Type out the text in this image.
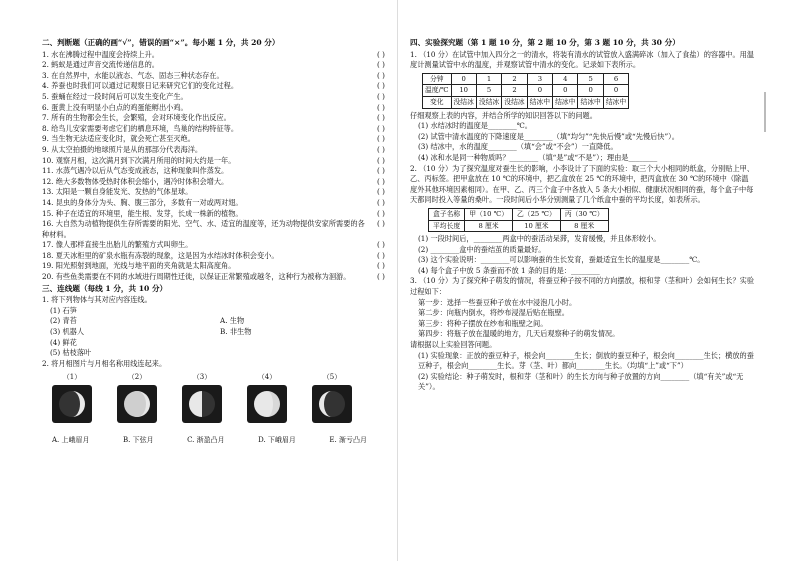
二、判断题（正确的画“√”，错误的画“×”。每小题 1 分，共 20 分）
1. 水在沸腾过程中温度会持续上升。	( )
2. 蚂蚁是通过声音交流传递信息的。	( )
3. 在自然界中，水能以液态、气态、固态三种状态存在。	( )
4. 养蚕也时我们可以通过记观察日记来研究它们的变化过程。	( )
5. 蚕蛹在经过一段时间后可以发生变化产生。	( )
6. 蛋黄上没有明显小白点的鸡蛋能孵出小鸡。	( )
7. 所有的生物都会生长，会繁殖，会对环境变化作出反应。	( )
8. 给鸟儿安家需要考虑它们的栖息环境，鸟巢的结构特征等。	( )
9. 当生物无法适应变化时，就会死亡甚至灭绝。	( )
9. 从太空拍摄的地球照片是从的那部分代表海洋。	( )
10. 观察月相，这次满月到下次满月所用的时间大约是一年。	( )
11. 水蒸气遇冷以后从气态变成液态，这种现象叫作蒸发。	( )
12. 绝大多数物体受热时体积会缩小，遇冷时体积会增大。	( )
13. 太阳是一颗自身能发光、发热的气体星球。	( )
14. 昆虫的身体分为头、胸、腹三部分，多数有一对或两对翅。	( )
15. 种子在适宜的环境里，能生根、发芽，长成一株新的植物。	( )
16. 大自然为动植物提供生存所需要的阳光、空气、水、适宜的温度等，还为动物提供安家所需要的各种材料。
( )
17. 像人那样直接生出胎儿的繁殖方式叫卵生。	( )
18. 夏天冰柜里的矿泉水瓶有冻裂的现象，这是因为水结冰时体积会变小。	( )
19. 阳光照射到地面，光线与地平面的夹角就是太阳高度角。	( )
20. 有些鱼类需要在不同的水域进行周期性迁徙，以保证正常繁殖或越冬，这种行为被称为洄游。	( )
三、连线题（每线 1 分，共 10 分）
1. 将下列物体与其对应内容连线。
(1) 石笋
(2) 青苔	A. 生物
(3) 机器人	B. 非生物
(4) 鲜花
(5) 枯枝落叶
2. 将月相图片与月相名称用线连起来。
（1）	（2）	（3）	（4）	（5）
A. 上峨眉月	B. 下弦月	C. 渐盈凸月	D. 下峨眉月	E. 渐亏凸月
四、实验探究题（第 1 题 10 分，第 2 题 10 分，第 3 题 10 分，共 30 分）
1. （10 分）在试管中加入四分之一的清水，将装有清水的试管放入盛满碎冰（加入了食盐）的容器中。用温度计测量试管中水的温度，并观察试管中清水的变化。记录如下表所示。
分钟	0	1	2	3	4	5	6
温度/℃	10	5	2	0	0	0	0
变化	没结冰	没结冰	没结冰	结冰中	结冰中	结冰中	结冰中
仔细观察上表的内容，并结合所学的知识回答以下的问题。
(1) 水结冰时的温度是________℃。
(2) 试管中清水温度的下降速度是________（填“均匀”“先快后慢”或“先慢后快”）。
(3) 结冰中，水的温度________（填“会”或“不会”）一直降低。
(4) 冰和水是同一种物质吗？________（填“是”或“不是”）；理由是________
2. （10 分）为了探究温度对蚕生长的影响，小李设计了下面的实验：取三个大小相同的纸盒，分别贴上甲、乙、丙标签。把甲盒放在 10 ℃的环境中，把乙盒放在 25 ℃的环境中，把丙盒放在 30 ℃的环境中（除温度外其他环境因素相同）。在甲、乙、丙三个盒子中各放入 5 条大小相似、健康状况相同的蚕，每个盒子中每天都同时投入等量的桑叶。一段时间后小华分别测量了几个纸盒中蚕的平均长度，如表所示。
盒子名称	甲（10 ℃）	乙（25 ℃）	丙（30 ℃）
平均长度	8 厘米	10 厘米	8 厘米
(1) 一段时间后，________两盒中的蚕活动呆滞，发育缓慢，并且体形较小。
(2) ________盒中的蚕结茧的质量最好。
(3) 这个实验说明：________可以影响蚕的生长发育，蚕最适宜生长的温度是________℃。
(4) 每个盒子中放 5 条蚕而不放 1 条的目的是：________
3. （10 分）为了探究种子萌发的情况，将蚕豆种子按不同的方向摆放，根和芽（茎和叶）会如何生长？实验过程如下：
第一步：选择一些蚕豆种子放在水中浸泡几小时。
第二步：向瓶内倒水，将纱布浸湿后贴在瓶壁。
第三步：将种子摆放在纱布和瓶壁之间。
第四步：将瓶子放在温暖的地方，几天后观察种子的萌发情况。
请根据以上实验回答问题。
(1) 实验现象：正放的蚕豆种子，根会向________生长；倒放的蚕豆种子，根会向________生长；横放的蚕豆种子，根会向________生长。芽（茎、叶）都向________生长。（均填“上”或“下”）
(2) 实验结论：种子萌发时，根和芽（茎和叶）的生长方向与种子放置的方向________（填“有关”或“无关”）。
